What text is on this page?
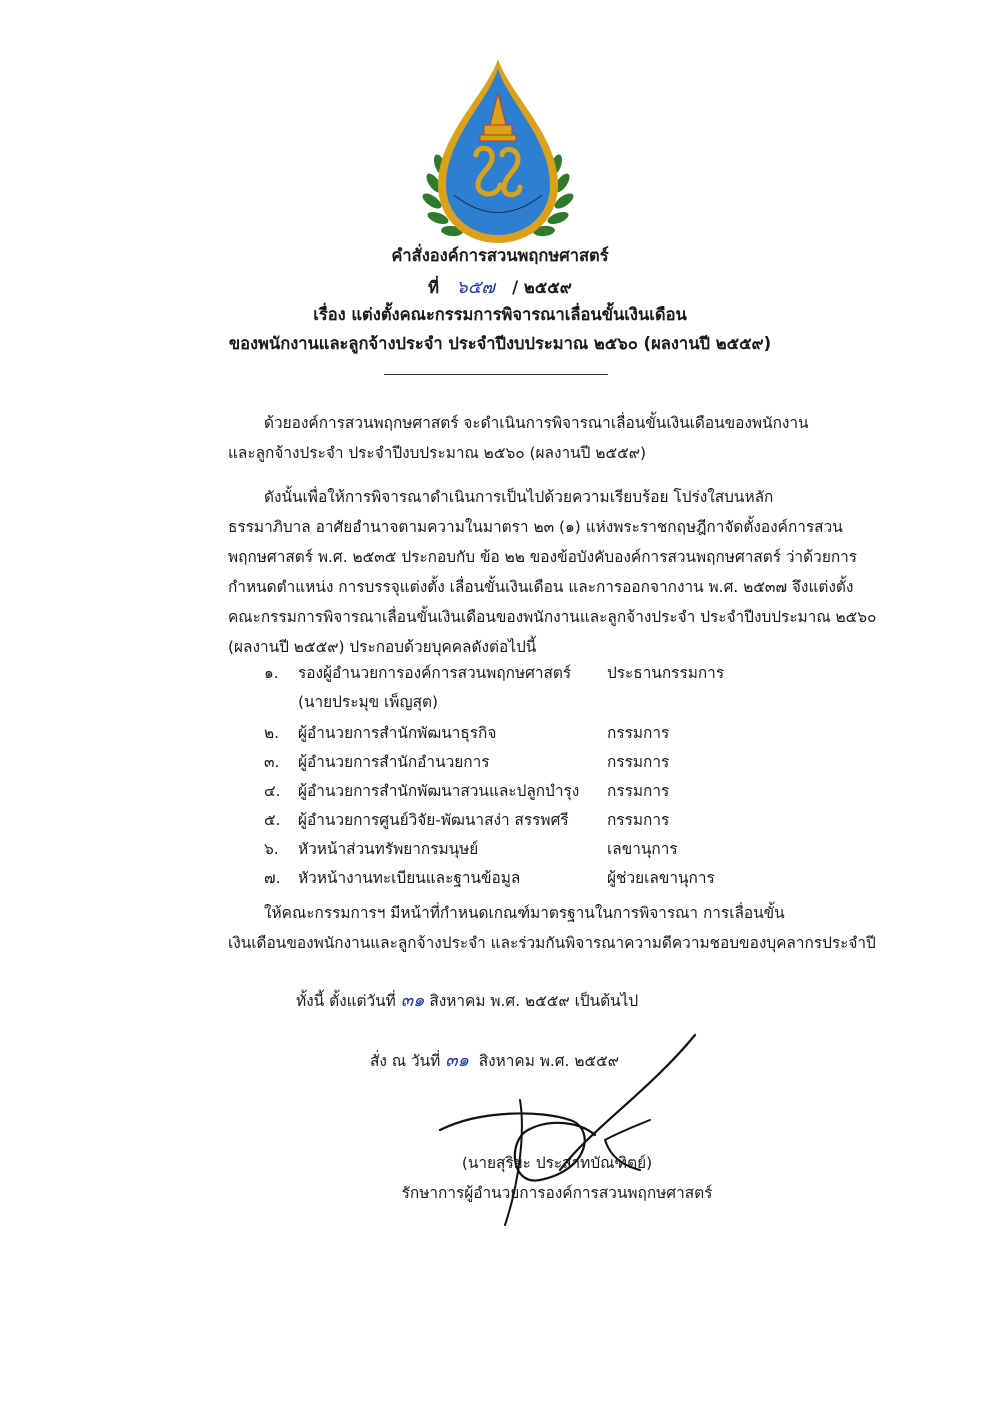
คำสั่งองค์การสวนพฤกษศาสตร์
ที่ ๖๕๗ / ๒๕๕๙
เรื่อง แต่งตั้งคณะกรรมการพิจารณาเลื่อนขั้นเงินเดือน
ของพนักงานและลูกจ้างประจำ ประจำปีงบประมาณ ๒๕๖๐ (ผลงานปี ๒๕๕๙)
ด้วยองค์การสวนพฤกษศาสตร์ จะดำเนินการพิจารณาเลื่อนขั้นเงินเดือนของพนักงาน
และลูกจ้างประจำ ประจำปีงบประมาณ ๒๕๖๐ (ผลงานปี ๒๕๕๙)
ดังนั้นเพื่อให้การพิจารณาดำเนินการเป็นไปด้วยความเรียบร้อย โปร่งใสบนหลัก
ธรรมาภิบาล อาศัยอำนาจตามความในมาตรา ๒๓ (๑) แห่งพระราชกฤษฎีกาจัดตั้งองค์การสวน
พฤกษศาสตร์ พ.ศ. ๒๕๓๕ ประกอบกับ ข้อ ๒๒ ของข้อบังคับองค์การสวนพฤกษศาสตร์ ว่าด้วยการ
กำหนดตำแหน่ง การบรรจุแต่งตั้ง เลื่อนขั้นเงินเดือน และการออกจากงาน พ.ศ. ๒๕๓๗ จึงแต่งตั้ง
คณะกรรมการพิจารณาเลื่อนขั้นเงินเดือนของพนักงานและลูกจ้างประจำ ประจำปีงบประมาณ ๒๕๖๐
(ผลงานปี ๒๕๕๙) ประกอบด้วยบุคคลดังต่อไปนี้
๑. รองผู้อำนวยการองค์การสวนพฤกษศาสตร์ ประธานกรรมการ
(นายประมุข เพ็ญสุต)
๒. ผู้อำนวยการสำนักพัฒนาธุรกิจ	กรรมการ
๓. ผู้อำนวยการสำนักอำนวยการ	กรรมการ
๔. ผู้อำนวยการสำนักพัฒนาสวนและปลูกบำรุง กรรมการ
๕. ผู้อำนวยการศูนย์วิจัย-พัฒนาสง่า สรรพศรี กรรมการ
๖. หัวหน้าส่วนทรัพยากรมนุษย์	เลขานุการ
๗. หัวหน้างานทะเบียนและฐานข้อมูล	ผู้ช่วยเลขานุการ
ให้คณะกรรมการฯ มีหน้าที่กำหนดเกณฑ์มาตรฐานในการพิจารณา การเลื่อนขั้น
เงินเดือนของพนักงานและลูกจ้างประจำ และร่วมกันพิจารณาความดีความชอบของบุคลากรประจำปี
ทั้งนี้ ตั้งแต่วันที่ ๓๑ สิงหาคม พ.ศ. ๒๕๕๙ เป็นต้นไป
สั่ง ณ วันที่ ๓๑ สิงหาคม พ.ศ. ๒๕๕๙
(นายสุริยะ ประสาทบัณฑิตย์)
รักษาการผู้อำนวยการองค์การสวนพฤกษศาสตร์
